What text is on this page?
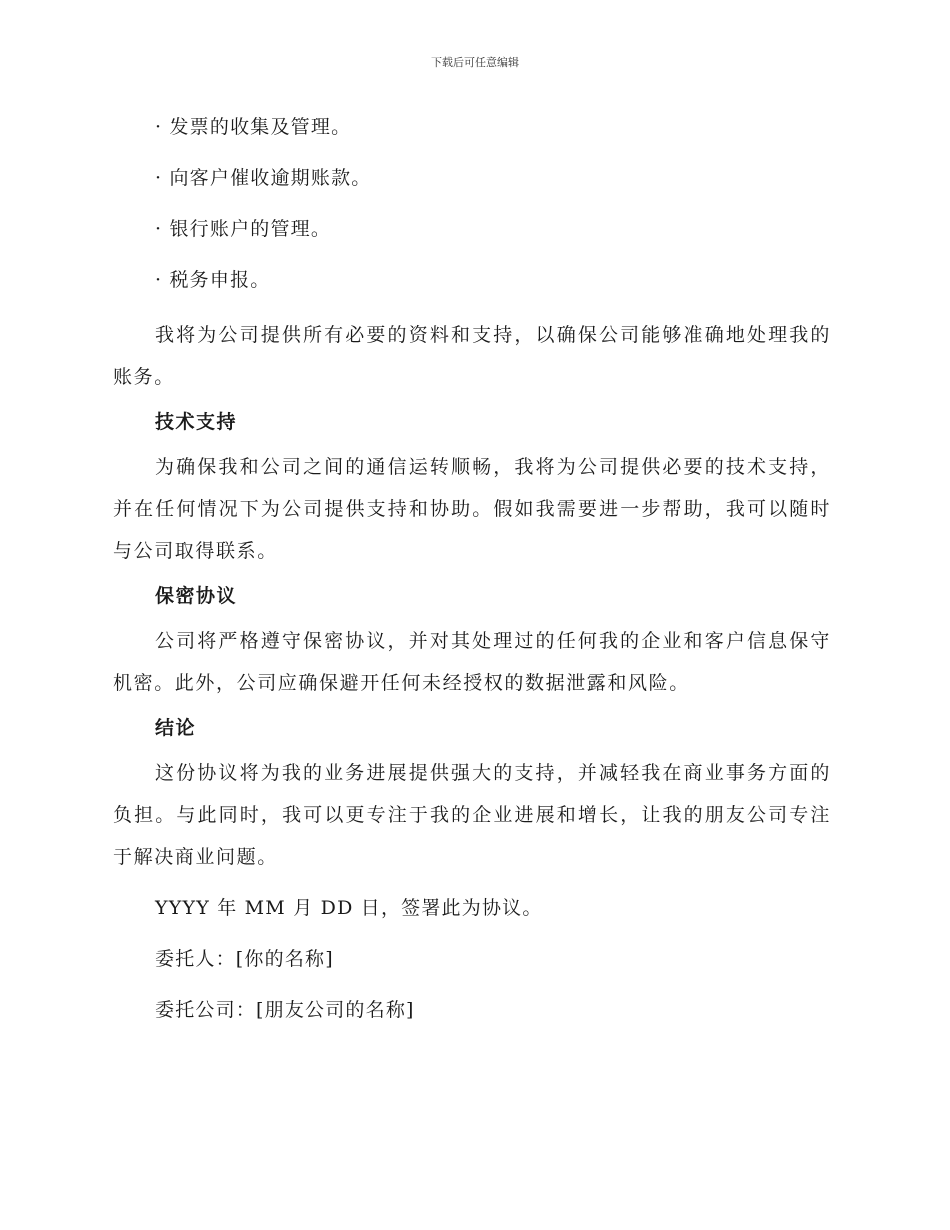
下载后可任意编辑
· 发票的收集及管理。
· 向客户催收逾期账款。
· 银行账户的管理。
· 税务申报。
我将为公司提供所有必要的资料和支持，以确保公司能够准确地处理我的账务。
技术支持
为确保我和公司之间的通信运转顺畅，我将为公司提供必要的技术支持，并在任何情况下为公司提供支持和协助。假如我需要进一步帮助，我可以随时与公司取得联系。
保密协议
公司将严格遵守保密协议，并对其处理过的任何我的企业和客户信息保守机密。此外，公司应确保避开任何未经授权的数据泄露和风险。
结论
这份协议将为我的业务进展提供强大的支持，并减轻我在商业事务方面的负担。与此同时，我可以更专注于我的企业进展和增长，让我的朋友公司专注于解决商业问题。
YYYY 年 MM 月 DD 日，签署此为协议。
委托人：[你的名称]
委托公司：[朋友公司的名称]
